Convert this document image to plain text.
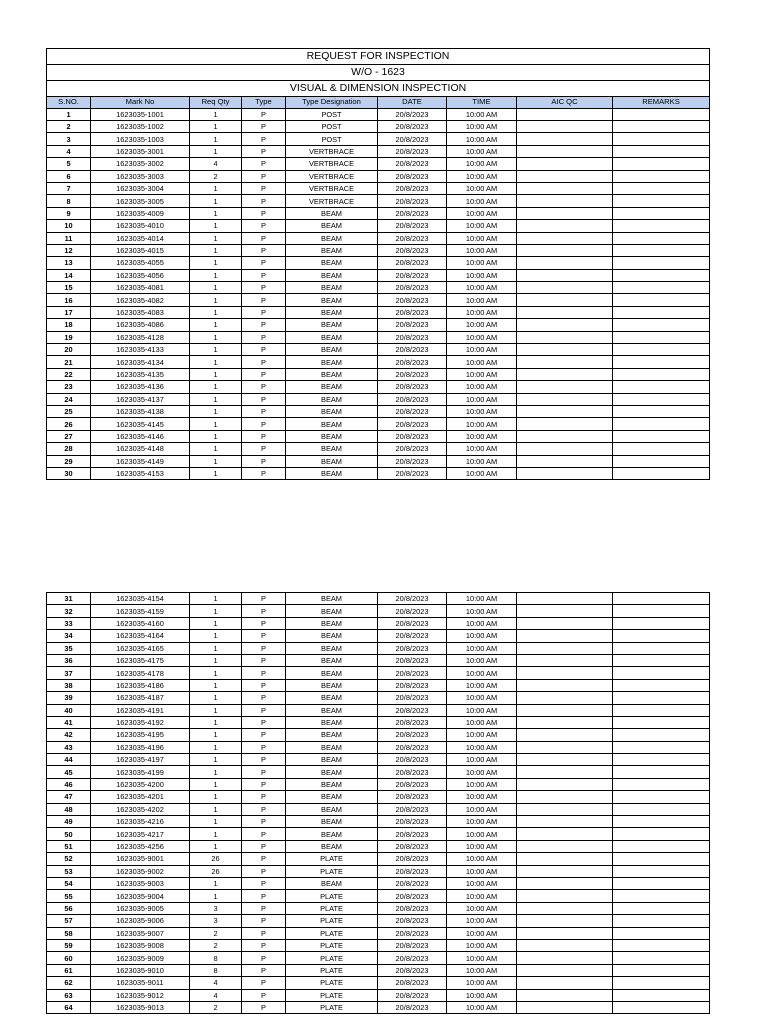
REQUEST FOR INSPECTION								
W/O - 1623								
VISUAL & DIMENSION INSPECTION								
S.NO.	Mark No	Req Qty	Type	Type Designation	DATE	TIME	AIC QC	REMARKS
1	1623035-1001	1	P	POST	20/8/2023	10:00 AM		
2	1623035-1002	1	P	POST	20/8/2023	10:00 AM		
3	1623035-1003	1	P	POST	20/8/2023	10:00 AM		
4	1623035-3001	1	P	VERTBRACE	20/8/2023	10:00 AM		
5	1623035-3002	4	P	VERTBRACE	20/8/2023	10:00 AM		
6	1623035-3003	2	P	VERTBRACE	20/8/2023	10:00 AM		
7	1623035-3004	1	P	VERTBRACE	20/8/2023	10:00 AM		
8	1623035-3005	1	P	VERTBRACE	20/8/2023	10:00 AM		
9	1623035-4009	1	P	BEAM	20/8/2023	10:00 AM		
10	1623035-4010	1	P	BEAM	20/8/2023	10:00 AM		
11	1623035-4014	1	P	BEAM	20/8/2023	10:00 AM		
12	1623035-4015	1	P	BEAM	20/8/2023	10:00 AM		
13	1623035-4055	1	P	BEAM	20/8/2023	10:00 AM		
14	1623035-4056	1	P	BEAM	20/8/2023	10:00 AM		
15	1623035-4081	1	P	BEAM	20/8/2023	10:00 AM		
16	1623035-4082	1	P	BEAM	20/8/2023	10:00 AM		
17	1623035-4083	1	P	BEAM	20/8/2023	10:00 AM		
18	1623035-4086	1	P	BEAM	20/8/2023	10:00 AM		
19	1623035-4128	1	P	BEAM	20/8/2023	10:00 AM		
20	1623035-4133	1	P	BEAM	20/8/2023	10:00 AM		
21	1623035-4134	1	P	BEAM	20/8/2023	10:00 AM		
22	1623035-4135	1	P	BEAM	20/8/2023	10:00 AM		
23	1623035-4136	1	P	BEAM	20/8/2023	10:00 AM		
24	1623035-4137	1	P	BEAM	20/8/2023	10:00 AM		
25	1623035-4138	1	P	BEAM	20/8/2023	10:00 AM		
26	1623035-4145	1	P	BEAM	20/8/2023	10:00 AM		
27	1623035-4146	1	P	BEAM	20/8/2023	10:00 AM		
28	1623035-4148	1	P	BEAM	20/8/2023	10:00 AM		
29	1623035-4149	1	P	BEAM	20/8/2023	10:00 AM		
30	1623035-4153	1	P	BEAM	20/8/2023	10:00 AM		
31	1623035-4154	1	P	BEAM	20/8/2023	10:00 AM		
32	1623035-4159	1	P	BEAM	20/8/2023	10:00 AM		
33	1623035-4160	1	P	BEAM	20/8/2023	10:00 AM		
34	1623035-4164	1	P	BEAM	20/8/2023	10:00 AM		
35	1623035-4165	1	P	BEAM	20/8/2023	10:00 AM		
36	1623035-4175	1	P	BEAM	20/8/2023	10:00 AM		
37	1623035-4178	1	P	BEAM	20/8/2023	10:00 AM		
38	1623035-4186	1	P	BEAM	20/8/2023	10:00 AM		
39	1623035-4187	1	P	BEAM	20/8/2023	10:00 AM		
40	1623035-4191	1	P	BEAM	20/8/2023	10:00 AM		
41	1623035-4192	1	P	BEAM	20/8/2023	10:00 AM		
42	1623035-4195	1	P	BEAM	20/8/2023	10:00 AM		
43	1623035-4196	1	P	BEAM	20/8/2023	10:00 AM		
44	1623035-4197	1	P	BEAM	20/8/2023	10:00 AM		
45	1623035-4199	1	P	BEAM	20/8/2023	10:00 AM		
46	1623035-4200	1	P	BEAM	20/8/2023	10:00 AM		
47	1623035-4201	1	P	BEAM	20/8/2023	10:00 AM		
48	1623035-4202	1	P	BEAM	20/8/2023	10:00 AM		
49	1623035-4216	1	P	BEAM	20/8/2023	10:00 AM		
50	1623035-4217	1	P	BEAM	20/8/2023	10:00 AM		
51	1623035-4256	1	P	BEAM	20/8/2023	10:00 AM		
52	1623035-9001	26	P	PLATE	20/8/2023	10:00 AM		
53	1623035-9002	26	P	PLATE	20/8/2023	10:00 AM		
54	1623035-9003	1	P	BEAM	20/8/2023	10:00 AM		
55	1623035-9004	1	P	PLATE	20/8/2023	10:00 AM		
56	1623035-9005	3	P	PLATE	20/8/2023	10:00 AM		
57	1623035-9006	3	P	PLATE	20/8/2023	10:00 AM		
58	1623035-9007	2	P	PLATE	20/8/2023	10:00 AM		
59	1623035-9008	2	P	PLATE	20/8/2023	10:00 AM		
60	1623035-9009	8	P	PLATE	20/8/2023	10:00 AM		
61	1623035-9010	8	P	PLATE	20/8/2023	10:00 AM		
62	1623035-9011	4	P	PLATE	20/8/2023	10:00 AM		
63	1623035-9012	4	P	PLATE	20/8/2023	10:00 AM		
64	1623035-9013	2	P	PLATE	20/8/2023	10:00 AM		
